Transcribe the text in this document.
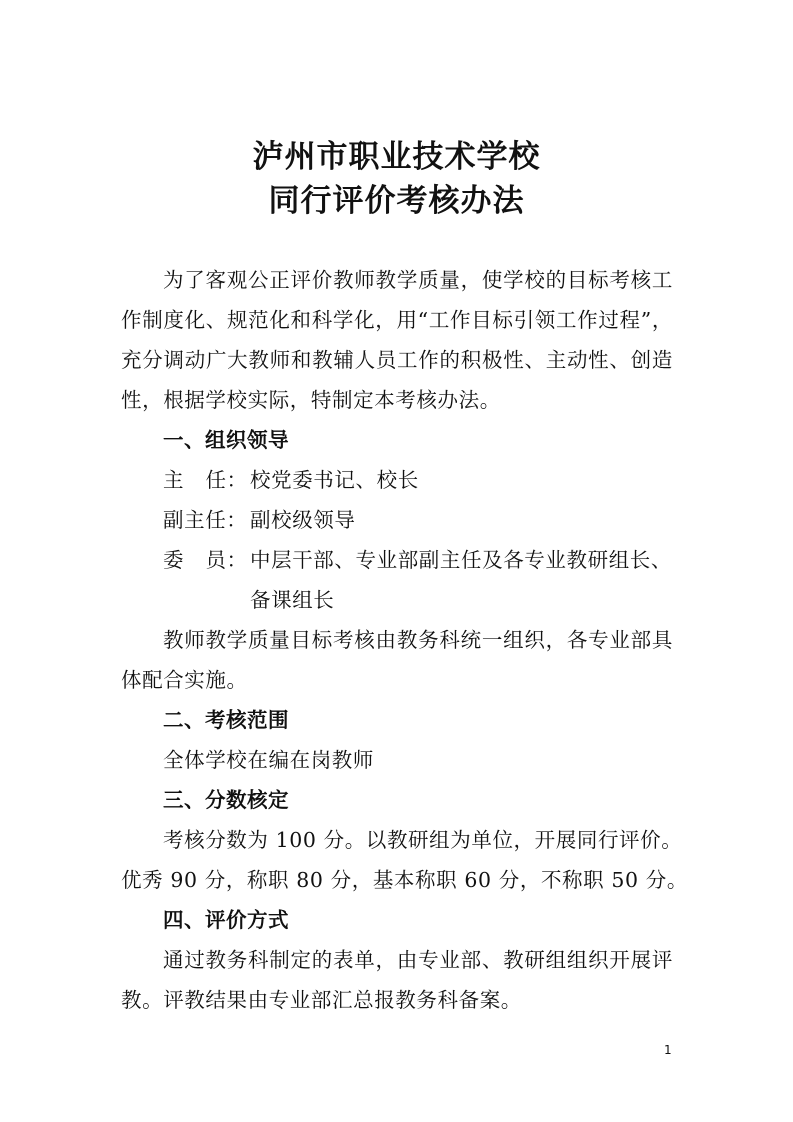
泸州市职业技术学校
同行评价考核办法
为了客观公正评价教师教学质量，使学校的目标考核工
作制度化、规范化和科学化，用“工作目标引领工作过程”，
充分调动广大教师和教辅人员工作的积极性、主动性、创造
性，根据学校实际，特制定本考核办法。
一、组织领导
主   任： 校党委书记、校长
副主任： 副校级领导
委   员： 中层干部、专业部副主任及各专业教研组长、
备课组长
教师教学质量目标考核由教务科统一组织，各专业部具
体配合实施。
二、考核范围
全体学校在编在岗教师
三、分数核定
考核分数为 100 分。以教研组为单位，开展同行评价。
优秀 90 分，称职 80 分，基本称职 60 分，不称职 50 分。
四、评价方式
通过教务科制定的表单，由专业部、教研组组织开展评
教。评教结果由专业部汇总报教务科备案。
1
